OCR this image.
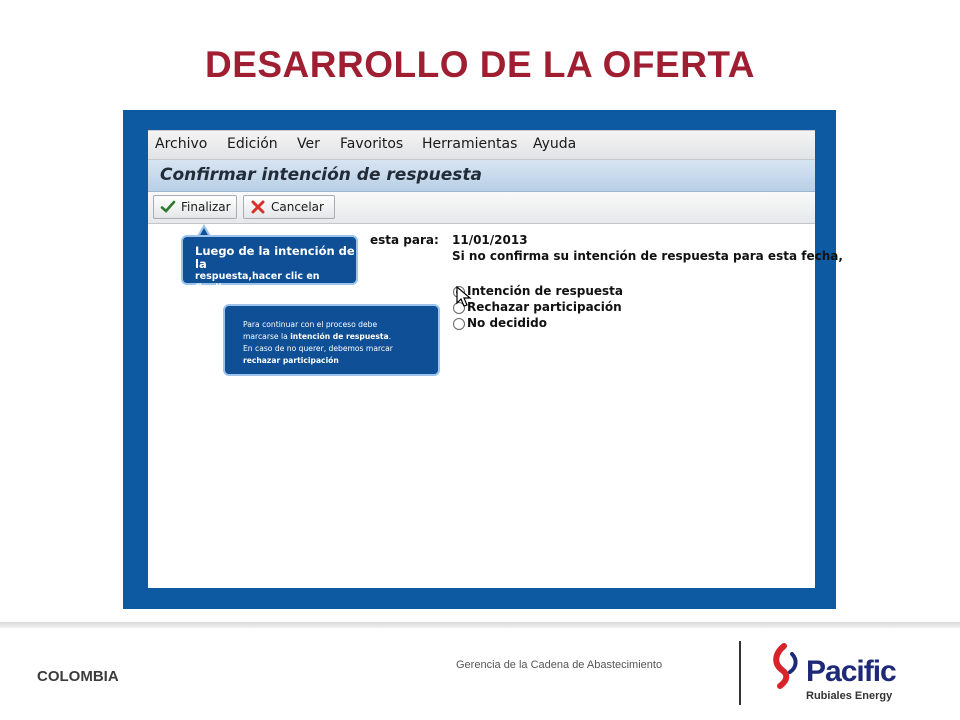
DESARROLLO DE LA OFERTA
Archivo Edición Ver Favoritos Herramientas Ayuda
Confirmar intención de respuesta
Finalizar	Cancelar
esta para: 11/01/2013
Si no confirma su intención de respuesta para esta fecha,
Intención de respuesta
Rechazar participación
No decidido
Luego de la intención de la
respuesta,hacer clic en finalizar.
Para continuar con el proceso debe
marcarse la intención de respuesta.
En caso de no querer, debemos marcar
rechazar participación
COLOMBIA
Gerencia de la Cadena de Abastecimiento	Pacific
Rubiales Energy
